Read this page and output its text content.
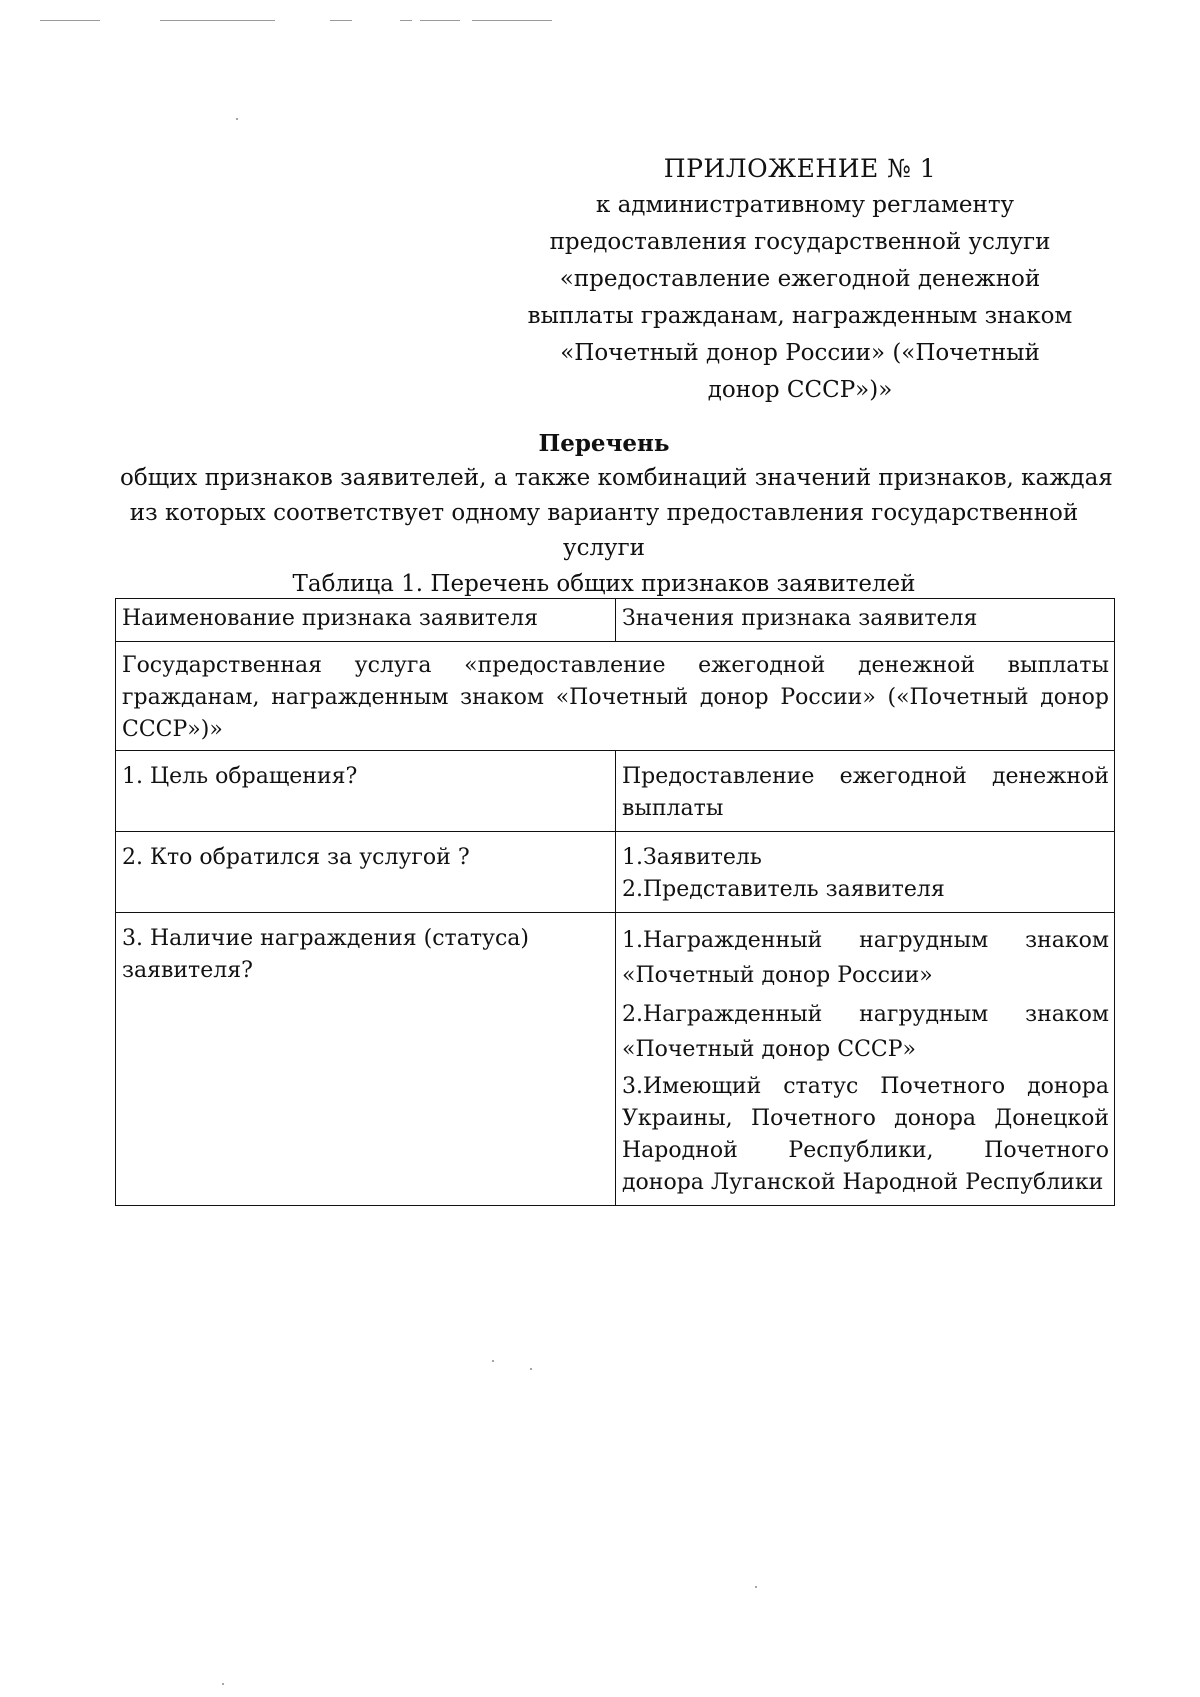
ПРИЛОЖЕНИЕ № 1
к административному регламенту
предоставления государственной услуги
«предоставление ежегодной денежной
выплаты гражданам, награжденным знаком
«Почетный донор России» («Почетный
донор СССР»)»
Перечень
общих признаков заявителей, а также комбинаций значений признаков, каждая
из которых соответствует одному варианту предоставления государственной
услуги
Таблица 1. Перечень общих признаков заявителей
Наименование признака заявителя	Значения признака заявителя
Государственная услуга «предоставление ежегодной денежной выплаты гражданам, награжденным знаком «Почетный донор России» («Почетный донор СССР»)»	
1. Цель обращения?	Предоставление ежегодной денежной выплаты
2. Кто обратился за услугой ?	1.Заявитель
2.Представитель заявителя

3. Наличие награждения (статуса) заявителя?	1.Награжденный нагрудным знаком «Почетный донор России»
2.Награжденный нагрудным знаком «Почетный донор СССР»
3.Имеющий статус Почетного донора Украины, Почетного донора Донецкой Народной Республики, Почетного донора Луганской Народной Республики
